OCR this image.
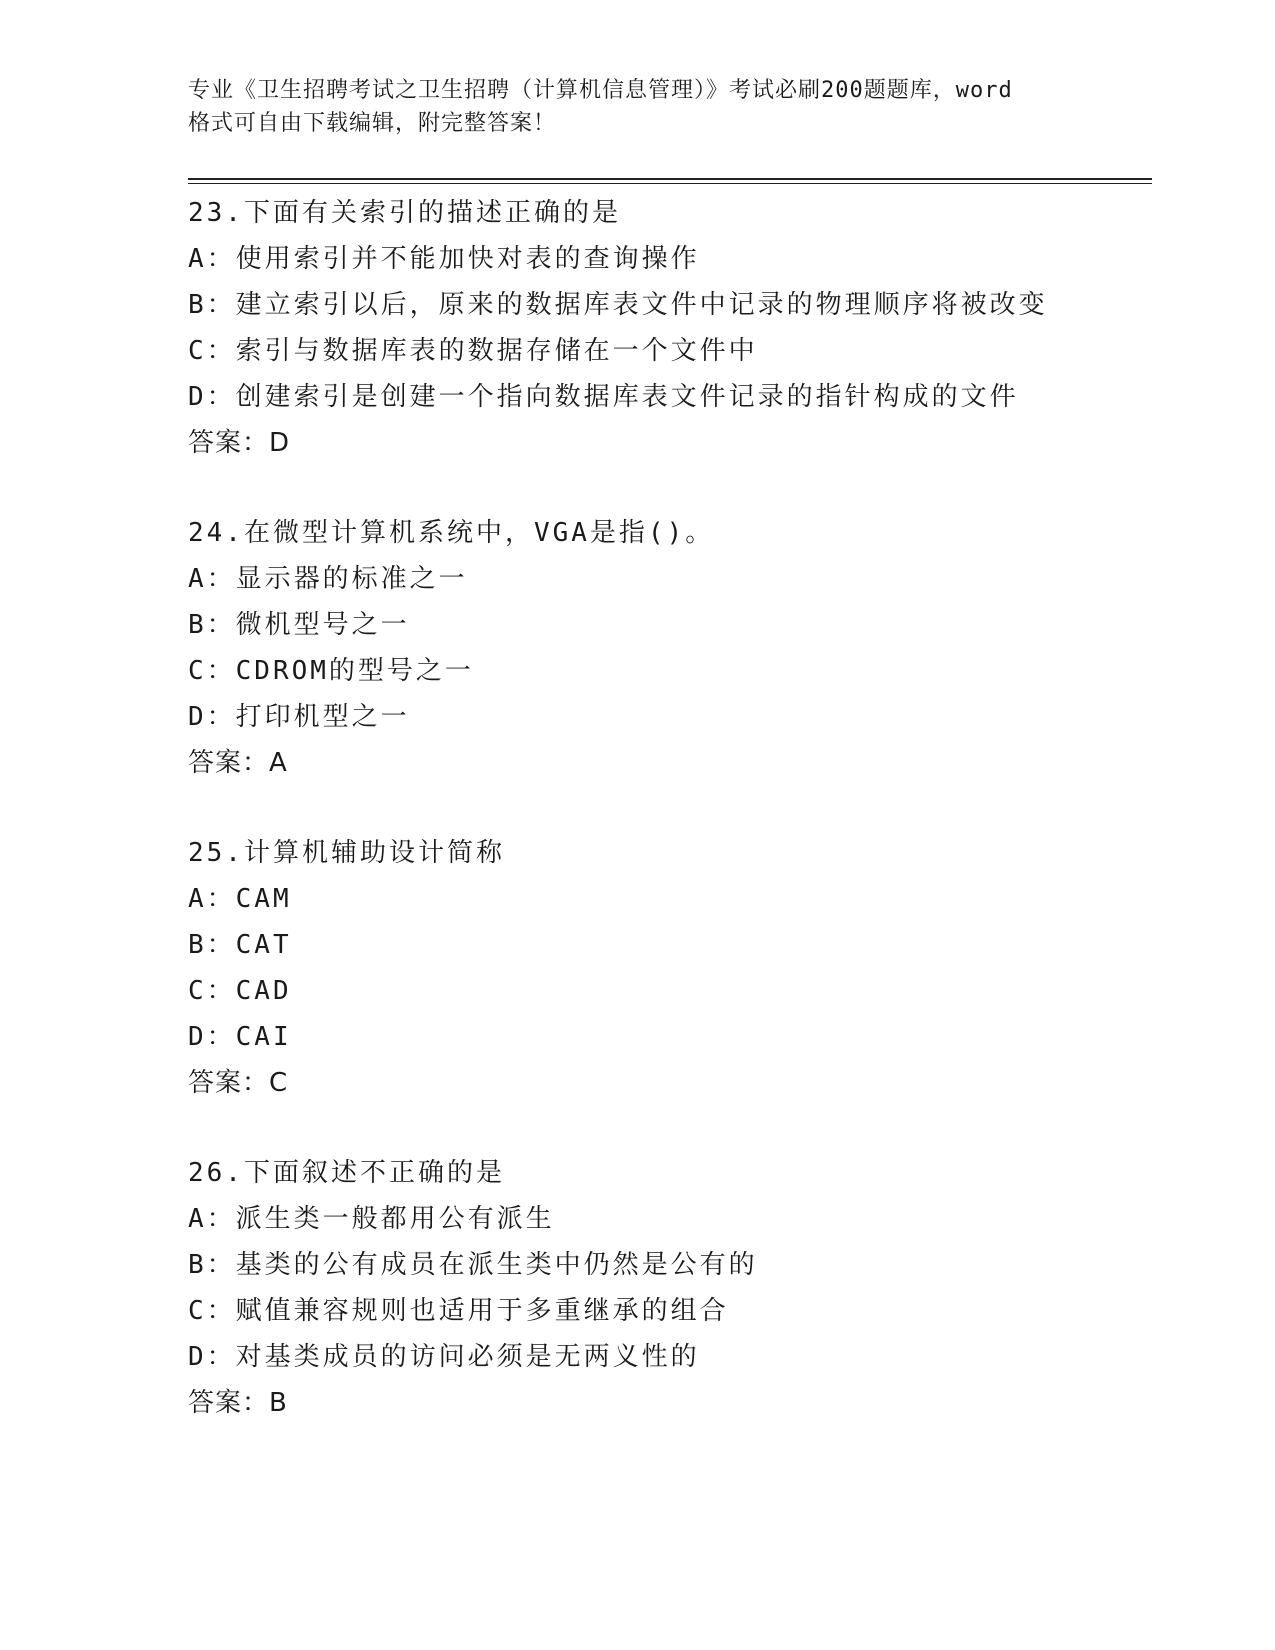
专业《卫生招聘考试之卫生招聘（计算机信息管理）》考试必刷200题题库，word

格式可自由下载编辑，附完整答案！

23.下面有关索引的描述正确的是
A：使用索引并不能加快对表的查询操作
B：建立索引以后，原来的数据库表文件中记录的物理顺序将被改变
C：索引与数据库表的数据存储在一个文件中
D：创建索引是创建一个指向数据库表文件记录的指针构成的文件
答案：D
24.在微型计算机系统中，VGA是指()。
A：显示器的标准之一
B：微机型号之一
C：CDROM的型号之一
D：打印机型之一
答案：A
25.计算机辅助设计简称
A：CAM
B：CAT
C：CAD
D：CAI
答案：C
26.下面叙述不正确的是
A：派生类一般都用公有派生
B：基类的公有成员在派生类中仍然是公有的
C：赋值兼容规则也适用于多重继承的组合
D：对基类成员的访问必须是无两义性的
答案：B
